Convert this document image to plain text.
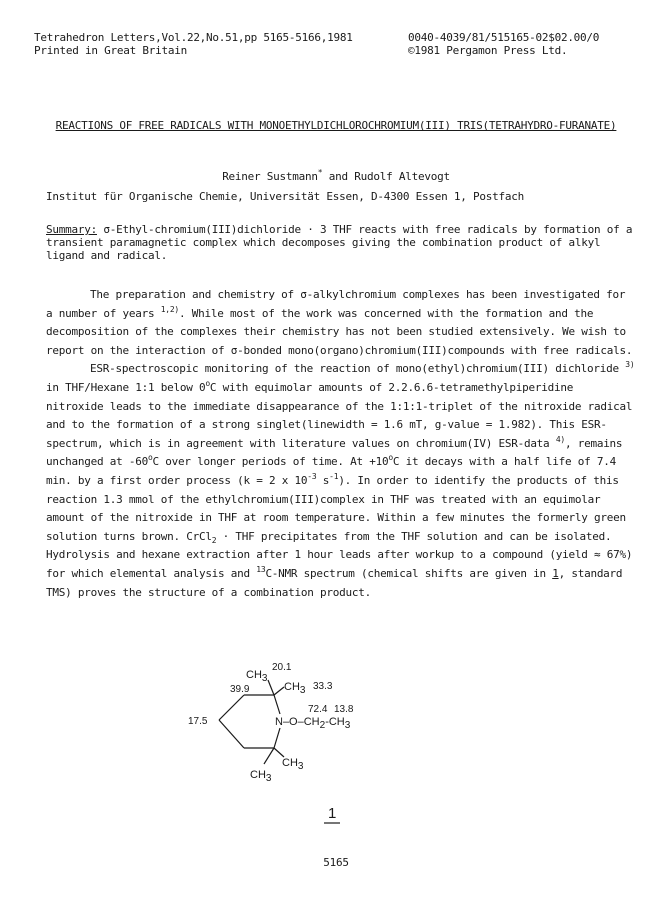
Tetrahedron Letters,Vol.22,No.51,pp 5165-5166,1981
Printed in Great Britain
0040-4039/81/515165-02$02.00/0
©1981 Pergamon Press Ltd.
REACTIONS OF FREE RADICALS WITH MONOETHYLDICHLOROCHROMIUM(III) TRIS(TETRAHYDRO-FURANATE)
Reiner Sustmann* and Rudolf Altevogt
Institut für Organische Chemie, Universität Essen, D-4300 Essen 1, Postfach
Summary: σ-Ethyl-chromium(III)dichloride · 3 THF reacts with free radicals by formation of a transient paramagnetic complex which decomposes giving the combination product of alkyl ligand and radical.

The preparation and chemistry of σ-alkylchromium complexes has been investigated for a number of years $^{1,2)}$. While most of the work was concerned with the formation and the decomposition of the complexes their chemistry has not been studied extensively. We wish to report on the interaction of σ-bonded mono(organo)chromium(III)compounds with free radicals.

ESR-spectroscopic monitoring of the reaction of mono(ethyl)chromium(III) dichloride $^{3)}$ in THF/Hexane 1:1 below 0$^o$C with equimolar amounts of 2.2.6.6-tetramethylpiperidine nitroxide leads to the immediate disappearance of the 1:1:1-triplet of the nitroxide radical and to the formation of a strong singlet(linewidth = 1.6 mT, g-value = 1.982). This ESR-spectrum, which is in agreement with literature values on chromium(IV) ESR-data $^{4)}$, remains unchanged at -60$^o$C over longer periods of time. $At +10^oC$ it decays with a half life of 7.4 min. by a first order process (k = 2 x $10^{-3}$ $s^{-1}$). In order to identify the products of this reaction 1.3 mmol of the ethylchromium(III)complex in THF was treated with an equimolar amount of the nitroxide in THF at room temperature. Within a few minutes the formerly green solution turns brown. CrCl$_2$ · THF precipitates from the THF solution and can be isolated. Hydrolysis and hexane extraction after 1 hour leads after workup to a compound (yield ≈ 67%) for which elemental analysis and $^{13}$C-NMR spectrum (chemical shifts are given in 1, standard TMS) proves the structure of a combination product.

CH3
20.1
39.9	CH3 33.3
72.4 13.8
17.5	N–O–CH2-CH3
CH3
CH3
1
5165
